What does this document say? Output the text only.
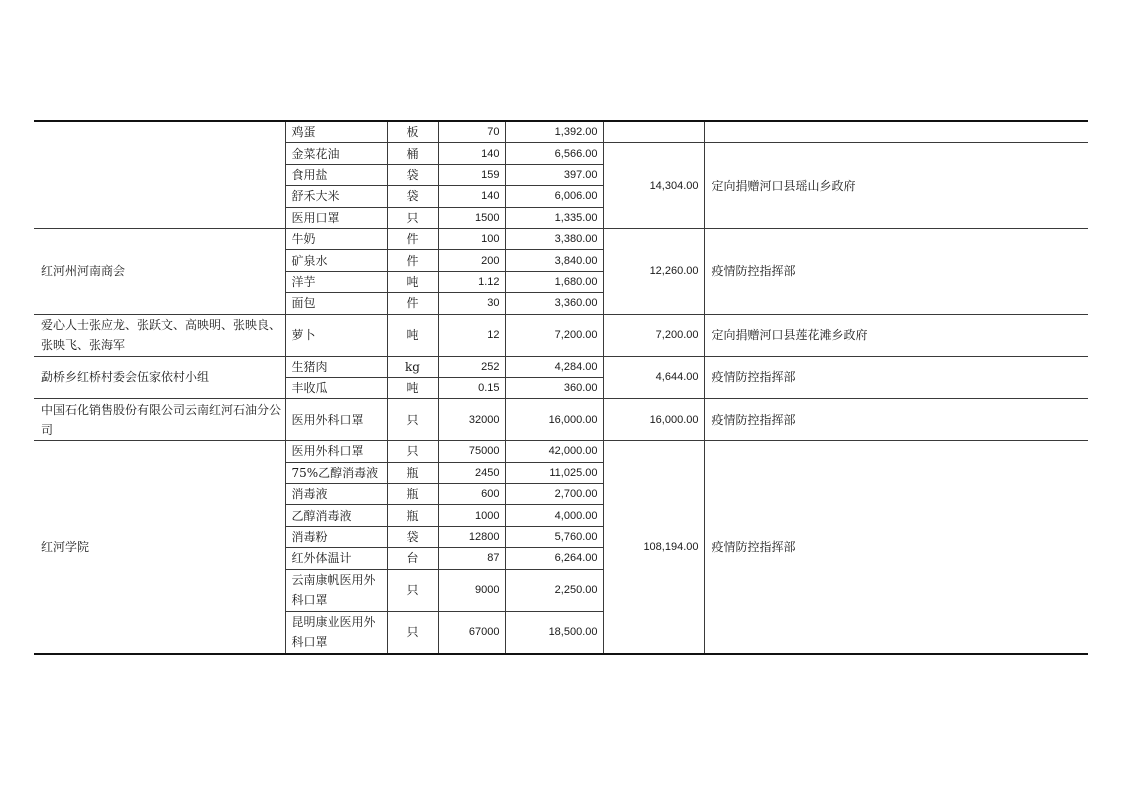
	鸡蛋	板	70	1,392.00		
	金菜花油	桶	140	6,566.00	14,304.00	定向捐赠河口县瑶山乡政府
	食用盐	袋	159	397.00		
	舒禾大米	袋	140	6,006.00		
	医用口罩	只	1500	1,335.00		
红河州河南商会	牛奶	件	100	3,380.00	12,260.00	疫情防控指挥部
	矿泉水	件	200	3,840.00		
	洋芋	吨	1.12	1,680.00		
	面包	件	30	3,360.00		
爱心人士张应龙、张跃文、高映明、张映良、张映飞、张海军	萝卜	吨	12	7,200.00	7,200.00	定向捐赠河口县莲花滩乡政府
勐桥乡红桥村委会伍家依村小组	生猪肉	kg	252	4,284.00	4,644.00	疫情防控指挥部
	丰收瓜	吨	0.15	360.00		
中国石化销售股份有限公司云南红河石油分公司	医用外科口罩	只	32000	16,000.00	16,000.00	疫情防控指挥部
红河学院	医用外科口罩	只	75000	42,000.00	108,194.00	疫情防控指挥部
	75%乙醇消毒液	瓶	2450	11,025.00		
	消毒液	瓶	600	2,700.00		
	乙醇消毒液	瓶	1000	4,000.00		
	消毒粉	袋	12800	5,760.00		
	红外体温计	台	87	6,264.00		
	云南康帆医用外科口罩	只	9000	2,250.00		
	昆明康业医用外科口罩	只	67000	18,500.00		
